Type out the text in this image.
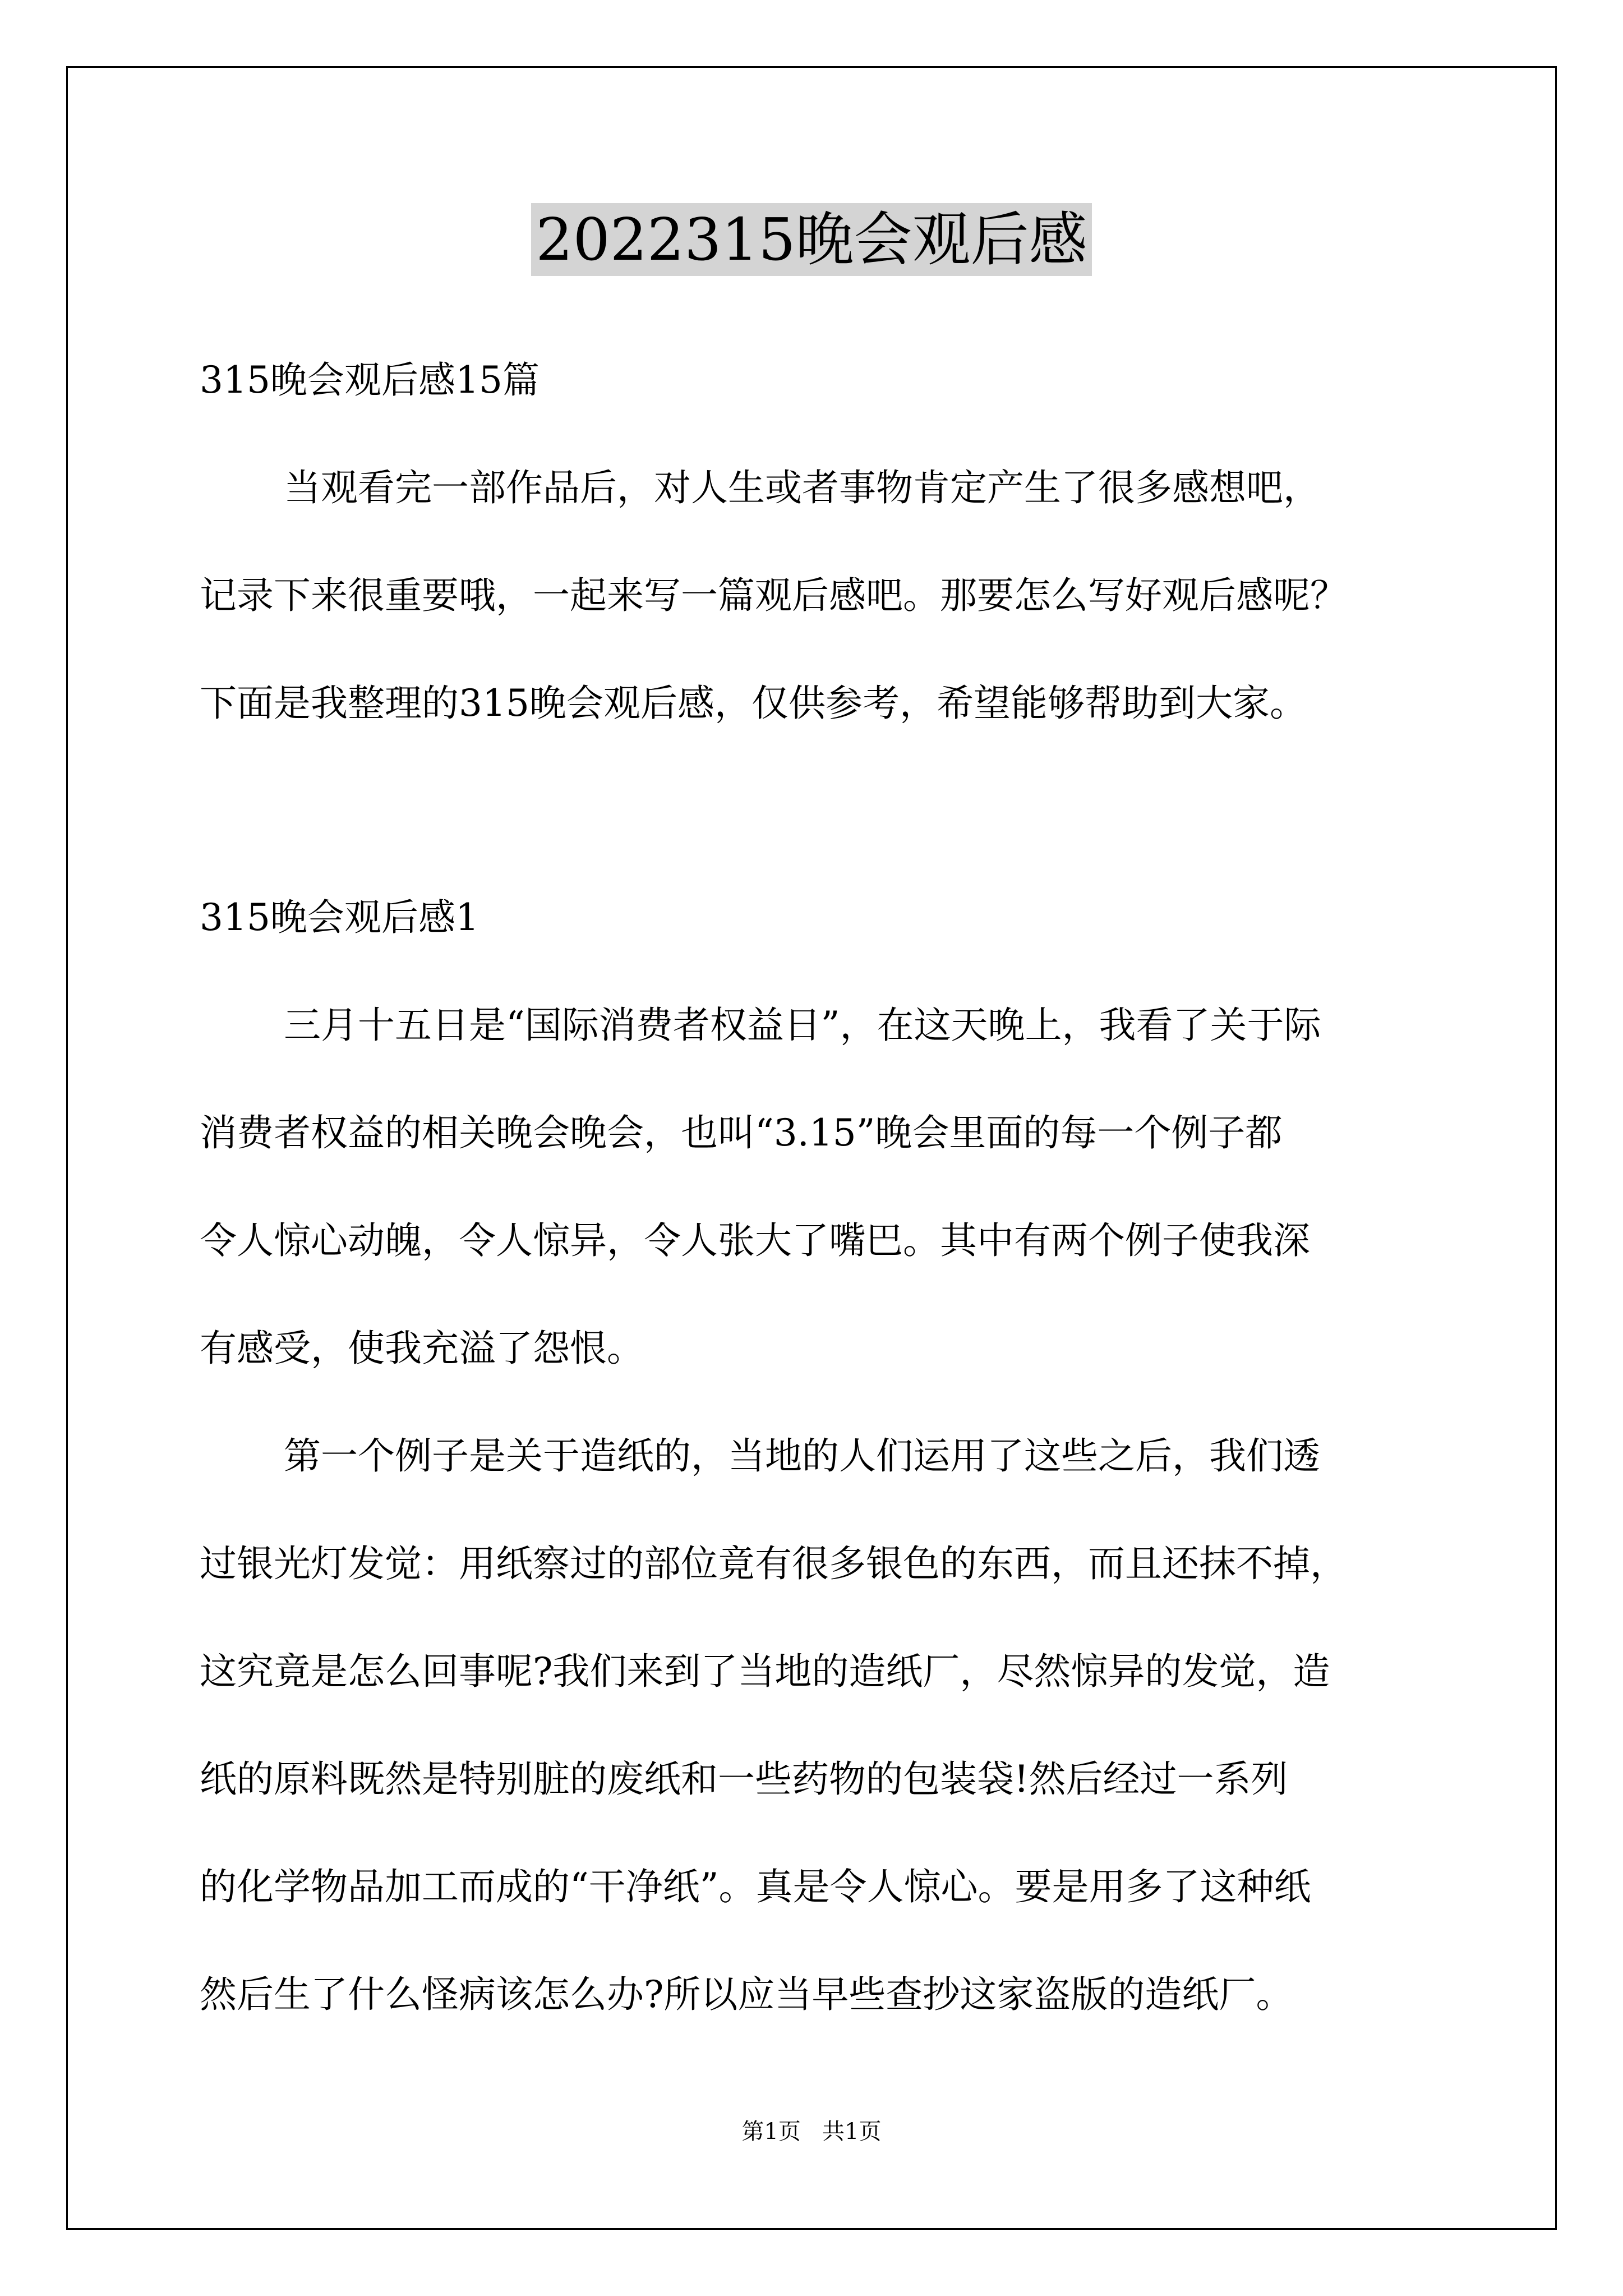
2022315晚会观后感

315晚会观后感15篇

当观看完一部作品后，对人生或者事物肯定产生了很多感想吧，

记录下来很重要哦，一起来写一篇观后感吧。那要怎么写好观后感呢？

下面是我整理的315晚会观后感，仅供参考，希望能够帮助到大家。

315晚会观后感1

三月十五日是“国际消费者权益日”，在这天晚上，我看了关于际

消费者权益的相关晚会晚会，也叫“3.15”晚会里面的每一个例子都

令人惊心动魄，令人惊异，令人张大了嘴巴。其中有两个例子使我深

有感受，使我充溢了怨恨。

第一个例子是关于造纸的，当地的人们运用了这些之后，我们透

过银光灯发觉：用纸察过的部位竟有很多银色的东西，而且还抹不掉，

这究竟是怎么回事呢?我们来到了当地的造纸厂，尽然惊异的发觉，造

纸的原料既然是特别脏的废纸和一些药物的包装袋!然后经过一系列

的化学物品加工而成的“干净纸”。真是令人惊心。要是用多了这种纸

然后生了什么怪病该怎么办?所以应当早些查抄这家盗版的造纸厂。

第1页   共1页
